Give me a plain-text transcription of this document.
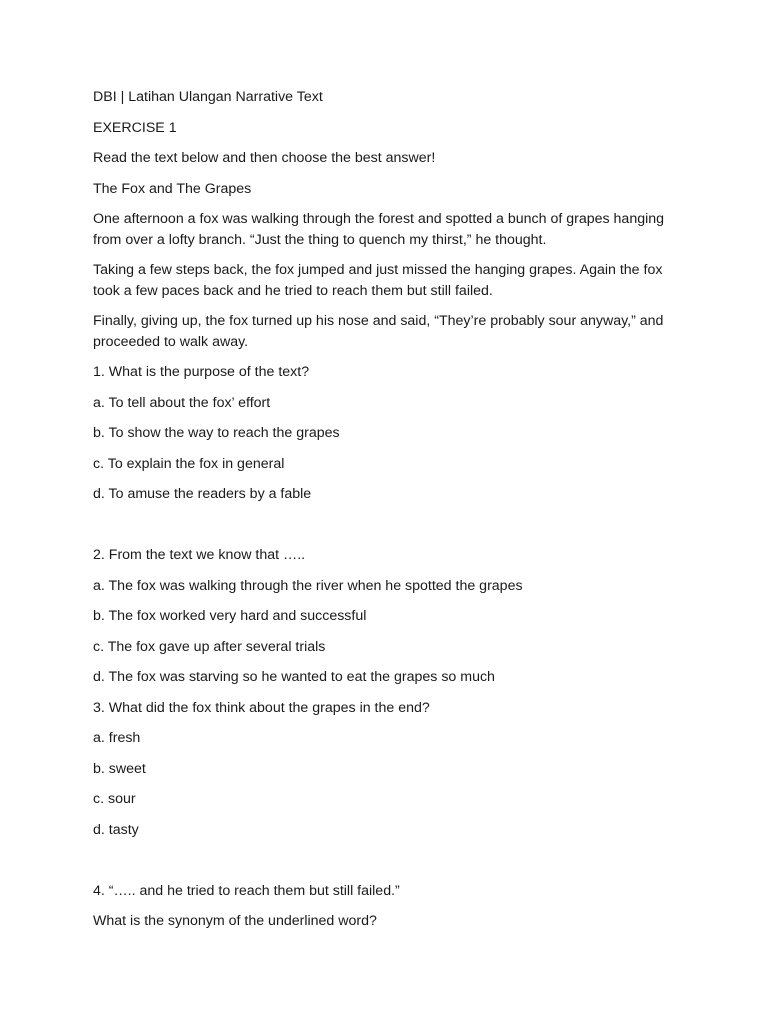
DBI | Latihan Ulangan Narrative Text

EXERCISE 1

Read the text below and then choose the best answer!

The Fox and The Grapes

One afternoon a fox was walking through the forest and spotted a bunch of grapes hanging from over a lofty branch. “Just the thing to quench my thirst,” he thought.

Taking a few steps back, the fox jumped and just missed the hanging grapes. Again the fox took a few paces back and he tried to reach them but still failed.

Finally, giving up, the fox turned up his nose and said, “They’re probably sour anyway,” and proceeded to walk away.

1. What is the purpose of the text?

a. To tell about the fox’ effort

b. To show the way to reach the grapes

c. To explain the fox in general

d. To amuse the readers by a fable

2. From the text we know that …..

a. The fox was walking through the river when he spotted the grapes

b. The fox worked very hard and successful

c. The fox gave up after several trials

d. The fox was starving so he wanted to eat the grapes so much

3. What did the fox think about the grapes in the end?

a. fresh

b. sweet

c. sour

d. tasty

4. “….. and he tried to reach them but still failed.”

What is the synonym of the underlined word?
